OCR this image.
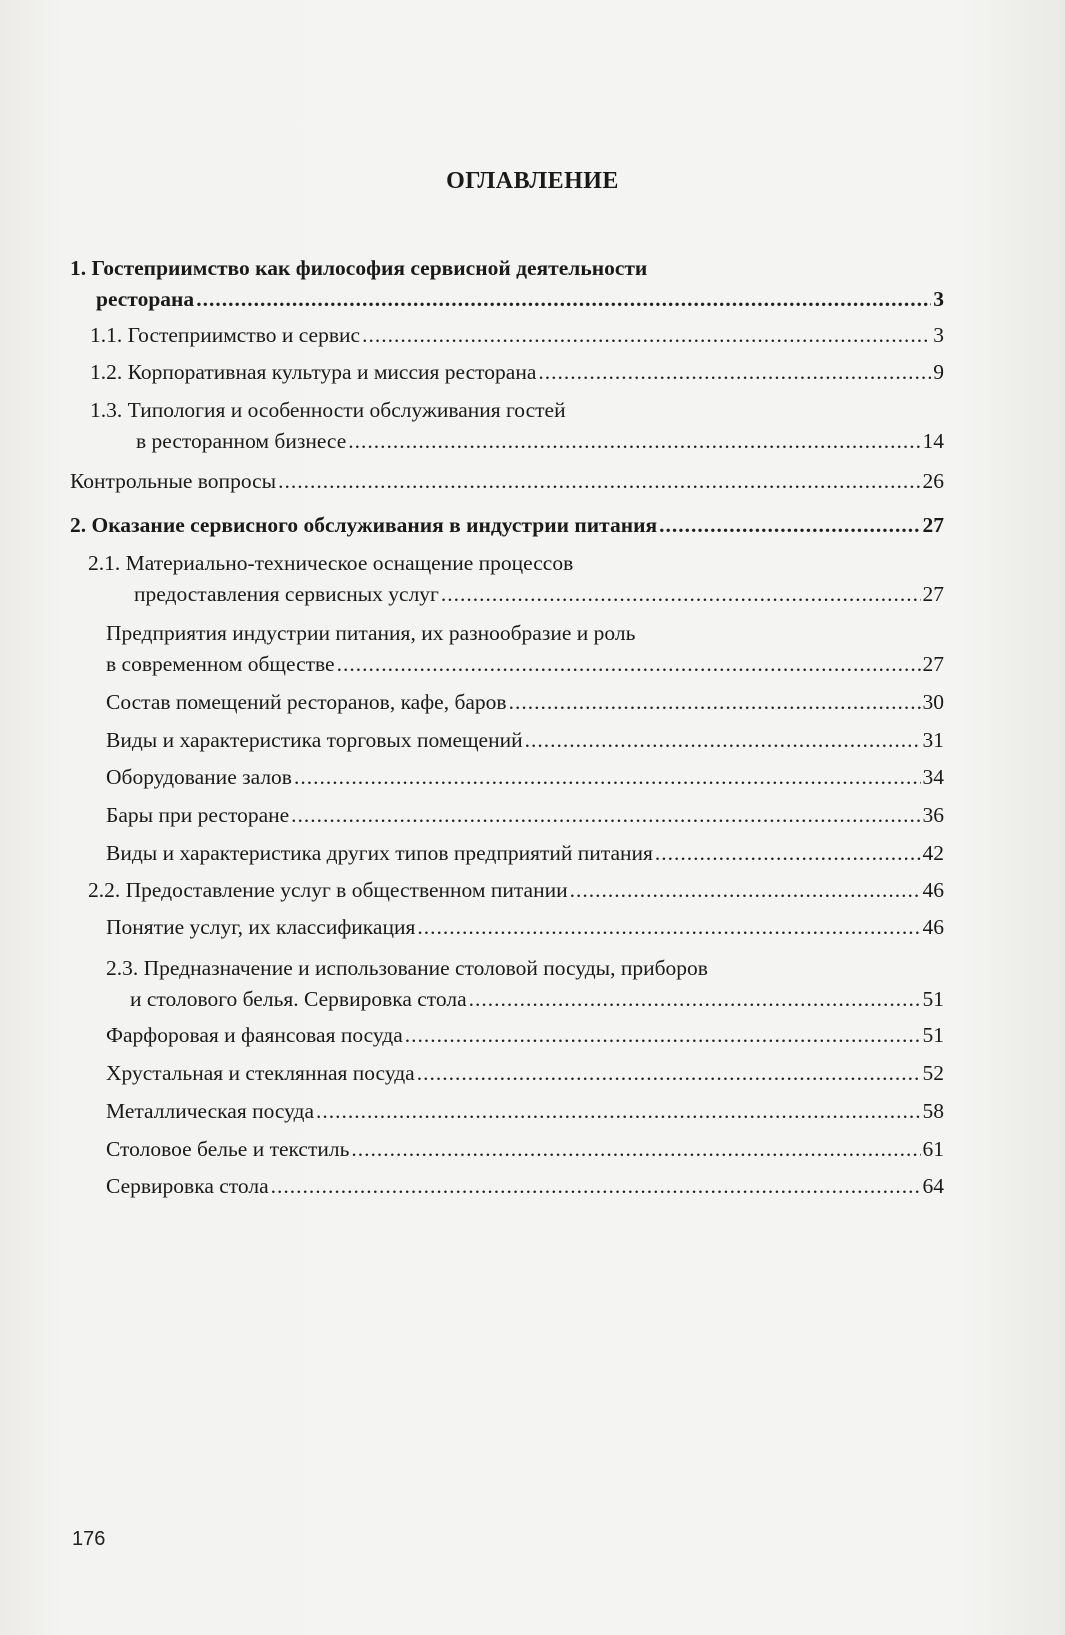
ОГЛАВЛЕНИЕ
1. Гостеприимство как философия сервисной деятельности
ресторана .....	3
1.1. Гостеприимство и сервис .....	3
1.2. Корпоративная культура и миссия ресторана .....	9
1.3. Типология и особенности обслуживания гостей
в ресторанном бизнесе .....	14
Контрольные вопросы .....	26
2. Оказание сервисного обслуживания в индустрии питания .....	27
2.1. Материально-техническое оснащение процессов
предоставления сервисных услуг .....	27
Предприятия индустрии питания, их разнообразие и роль
в современном обществе .....	27
Состав помещений ресторанов, кафе, баров .....	30
Виды и характеристика торговых помещений .....	31
Оборудование залов .....	34
Бары при ресторане .....	36
Виды и характеристика других типов предприятий питания .....	42
2.2. Предоставление услуг в общественном питании .....	46
Понятие услуг, их классификация .....	46
2.3. Предназначение и использование столовой посуды, приборов
и столового белья. Сервировка стола .....	51
Фарфоровая и фаянсовая посуда .....	51
Хрустальная и стеклянная посуда .....	52
Металлическая посуда .....	58
Столовое белье и текстиль .....	61
Сервировка стола .....	64
176
